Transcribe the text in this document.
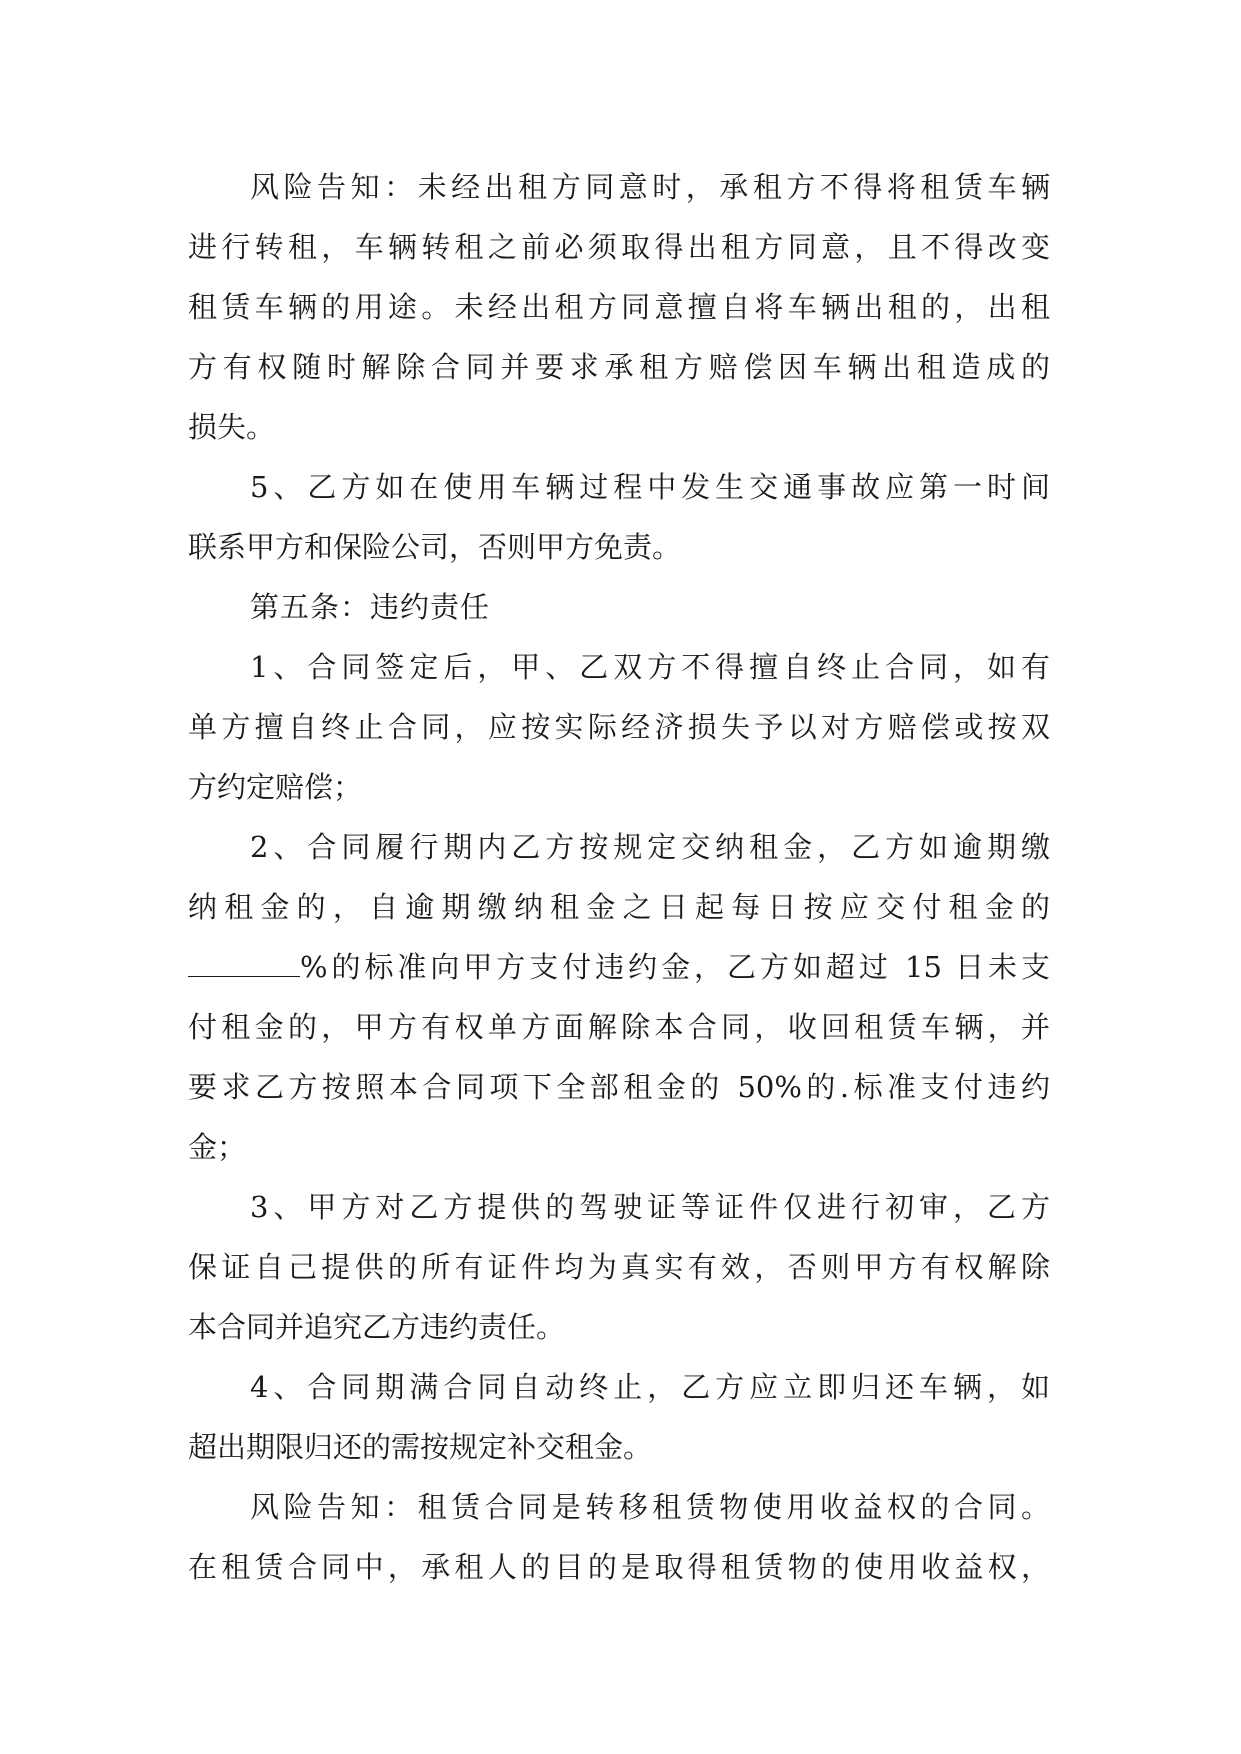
风险告知：未经出租方同意时，承租方不得将租赁车辆
进行转租，车辆转租之前必须取得出租方同意，且不得改变
租赁车辆的用途。未经出租方同意擅自将车辆出租的，出租
方有权随时解除合同并要求承租方赔偿因车辆出租造成的
损失。
5、乙方如在使用车辆过程中发生交通事故应第一时间
联系甲方和保险公司，否则甲方免责。
第五条：违约责任
1、合同签定后，甲、乙双方不得擅自终止合同，如有
单方擅自终止合同，应按实际经济损失予以对方赔偿或按双
方约定赔偿；
2、合同履行期内乙方按规定交纳租金，乙方如逾期缴
纳租金的，自逾期缴纳租金之日起每日按应交付租金的
%的标准向甲方支付违约金，乙方如超过 15 日未支
付租金的，甲方有权单方面解除本合同，收回租赁车辆，并
要求乙方按照本合同项下全部租金的 50%的.标准支付违约
金；
3、甲方对乙方提供的驾驶证等证件仅进行初审，乙方
保证自己提供的所有证件均为真实有效，否则甲方有权解除
本合同并追究乙方违约责任。
4、合同期满合同自动终止，乙方应立即归还车辆，如
超出期限归还的需按规定补交租金。
风险告知：租赁合同是转移租赁物使用收益权的合同。
在租赁合同中，承租人的目的是取得租赁物的使用收益权，
